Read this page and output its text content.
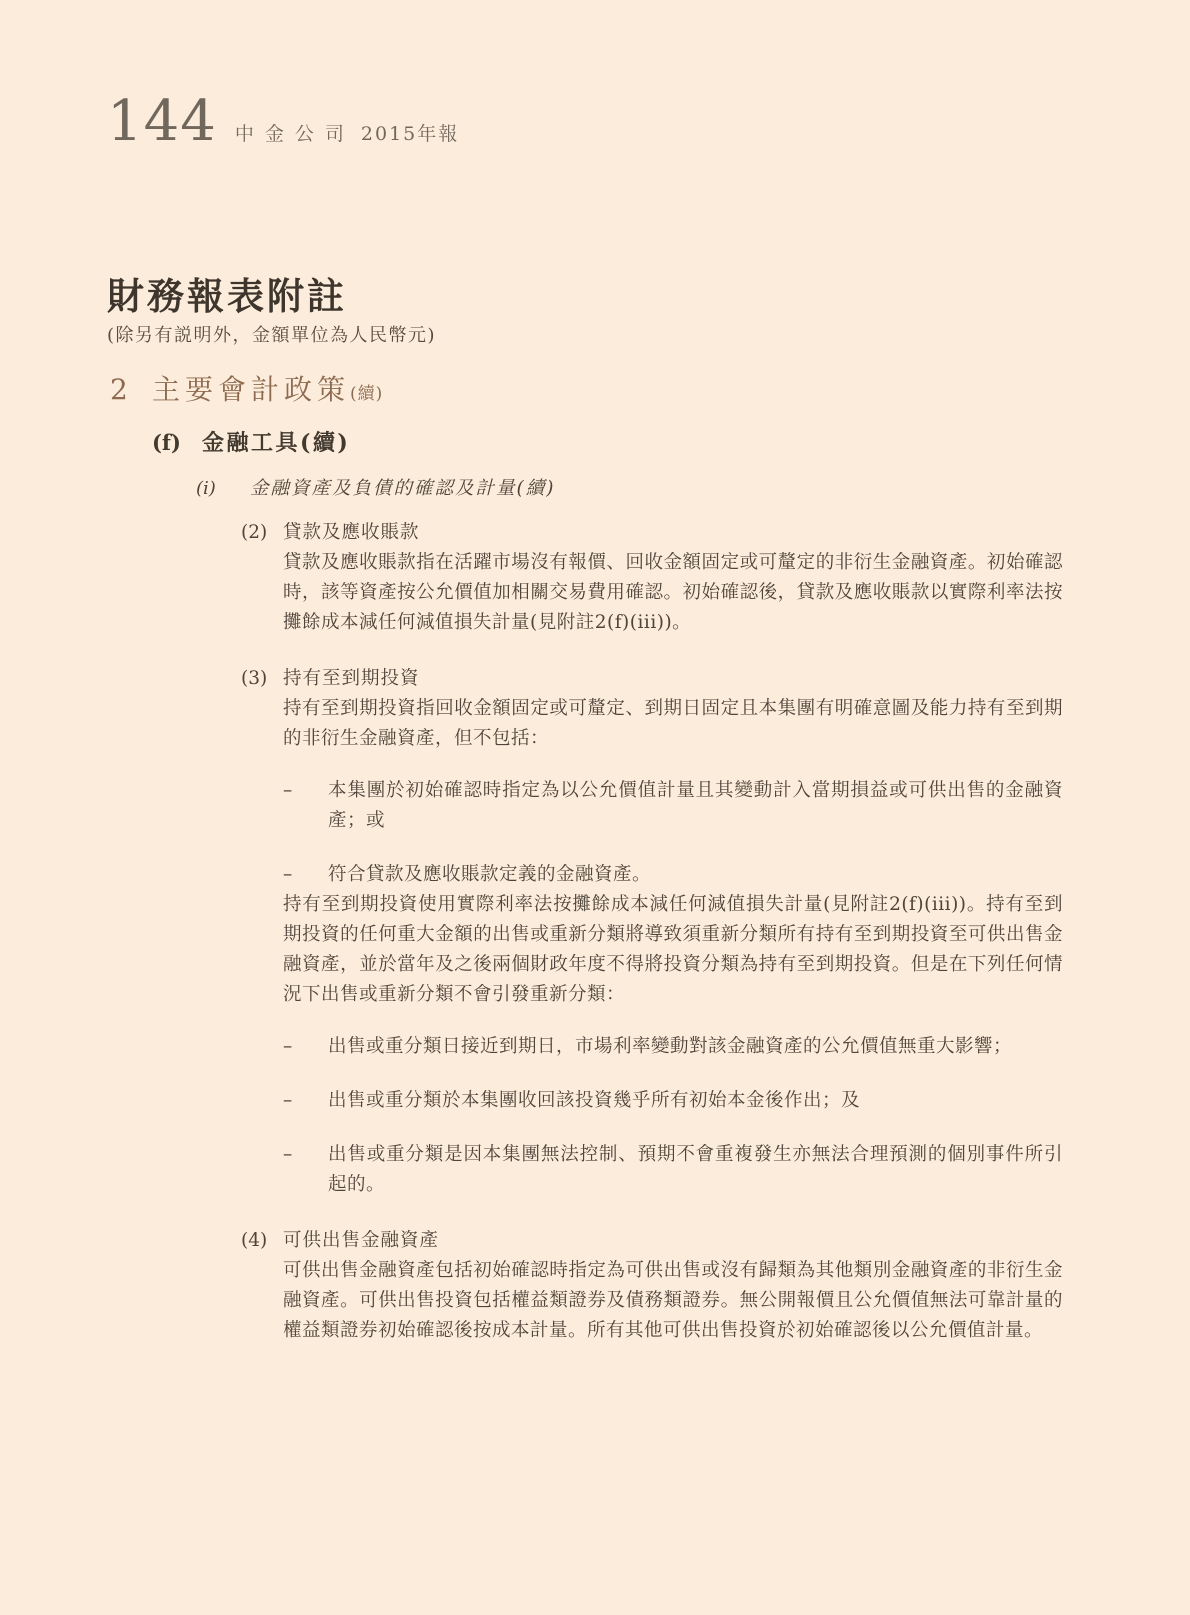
144 中金公司 2015年報
財務報表附註
(除另有説明外，金額單位為人民幣元)
2 主要會計政策(續)
(f) 金融工具(續)
(i)	金融資產及負債的確認及計量(續)
(2) 貸款及應收賬款

貸款及應收賬款指在活躍市場沒有報價、回收金額固定或可釐定的非衍生金融資產。初始確認時，該等資產按公允價值加相關交易費用確認。初始確認後，貸款及應收賬款以實際利率法按攤餘成本減任何減值損失計量(見附註2(f)(iii))。

(3) 持有至到期投資

持有至到期投資指回收金額固定或可釐定、到期日固定且本集團有明確意圖及能力持有至到期的非衍生金融資產，但不包括：

–	本集團於初始確認時指定為以公允價值計量且其變動計入當期損益或可供出售的金融資產；或

–	符合貸款及應收賬款定義的金融資產。

持有至到期投資使用實際利率法按攤餘成本減任何減值損失計量(見附註2(f)(iii))。持有至到期投資的任何重大金額的出售或重新分類將導致須重新分類所有持有至到期投資至可供出售金融資產，並於當年及之後兩個財政年度不得將投資分類為持有至到期投資。但是在下列任何情況下出售或重新分類不會引發重新分類：

–	出售或重分類日接近到期日，市場利率變動對該金融資產的公允價值無重大影響；

–	出售或重分類於本集團收回該投資幾乎所有初始本金後作出；及

–	出售或重分類是因本集團無法控制、預期不會重複發生亦無法合理預測的個別事件所引起的。

(4) 可供出售金融資產

可供出售金融資產包括初始確認時指定為可供出售或沒有歸類為其他類別金融資產的非衍生金融資產。可供出售投資包括權益類證券及債務類證券。無公開報價且公允價值無法可靠計量的權益類證券初始確認後按成本計量。所有其他可供出售投資於初始確認後以公允價值計量。
